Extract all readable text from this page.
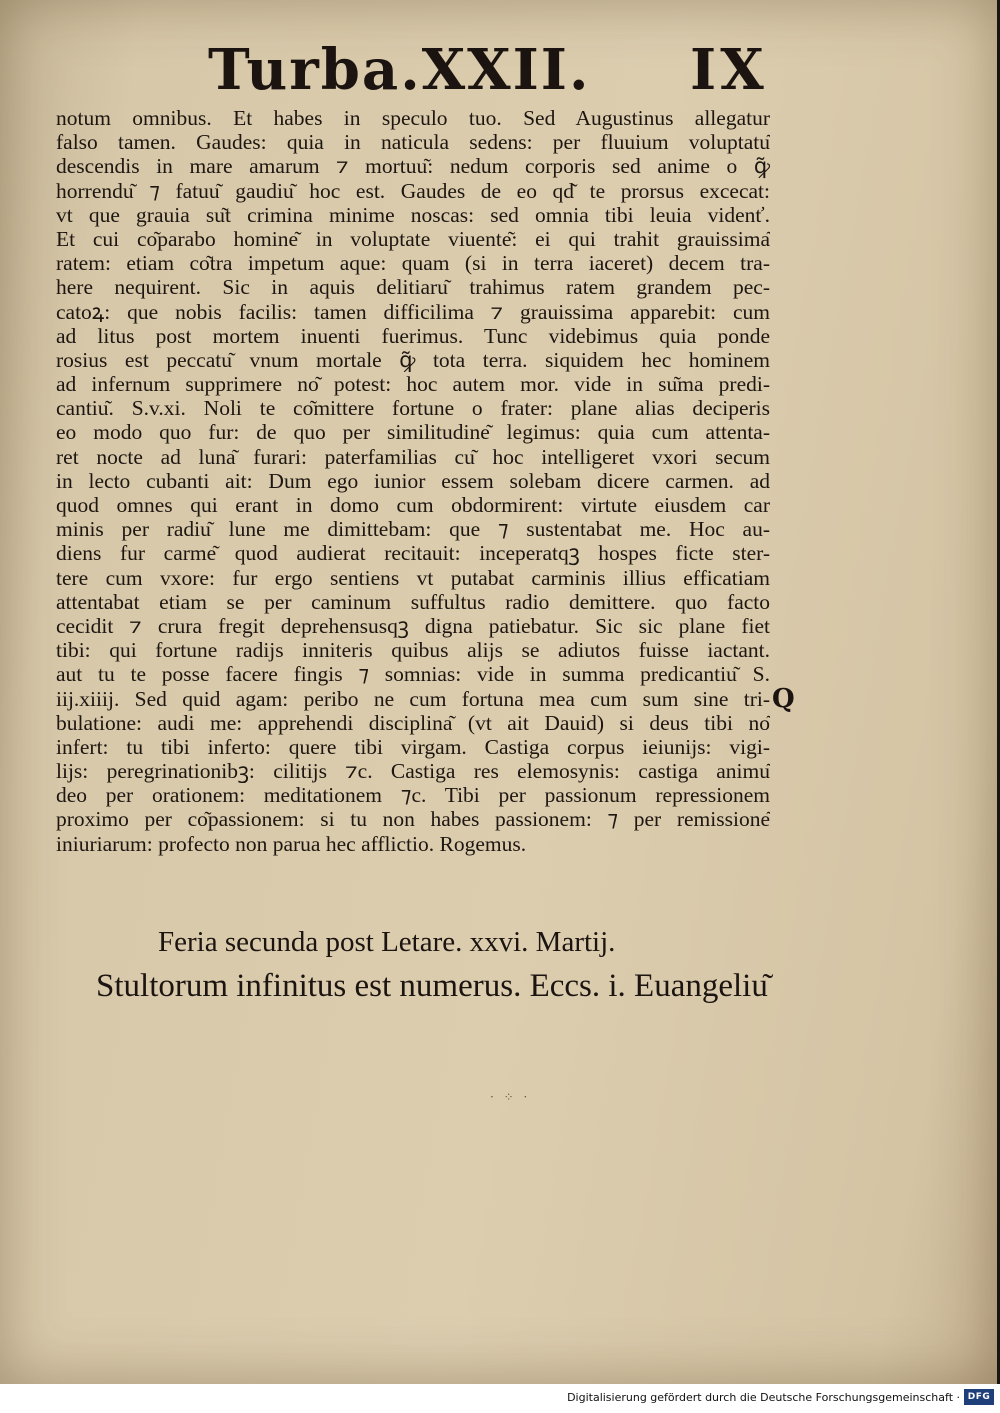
Turba.XXII. IX
notum omnibus. Et habes in speculo tuo. Sed Augustinus allegatur
falso tamen. Gaudes: quia in naticula sedens: per fluuium voluptatu͂
descendis in mare amarum ⁊ mortuu͂: nedum corporis sed anime o ꝙ͂
horrendu͂ ⁊ fatuu͂ gaudiu͂ hoc est. Gaudes de eo qd͂ te prorsus excecat:
vt que grauia su͂t crimina minime noscas: sed omnia tibi leuia videnť.
Et cui co͂parabo homine͂ in voluptate viuente͂: ei qui trahit grauissima͂
ratem: etiam co͂tra impetum aque: quam (si in terra iaceret) decem tra-
here nequirent. Sic in aquis delitiaru͂ trahimus ratem grandem pec-
catoꝝ: que nobis facilis: tamen difficilima ⁊ grauissima apparebit: cum
ad litus post mortem inuenti fuerimus. Tunc videbimus quia ponde
rosius est peccatu͂ vnum mortale ꝙ͂ tota terra. siquidem hec hominem
ad infernum supprimere no͂ potest: hoc autem mor. vide in su͂ma predi-
cantiu͂. S.v.xi. Noli te co͂mittere fortune o frater: plane alias deciperis
eo modo quo fur: de quo per similitudine͂ legimus: quia cum attenta-
ret nocte ad luna͂ furari: paterfamilias cu͂ hoc intelligeret vxori secum
in lecto cubanti ait: Dum ego iunior essem solebam dicere carmen. ad
quod omnes qui erant in domo cum obdormirent: virtute eiusdem car
minis per radiu͂ lune me dimittebam: que ⁊ sustentabat me. Hoc au-
diens fur carme͂ quod audierat recitauit: inceperatqꝫ hospes ficte ster-
tere cum vxore: fur ergo sentiens vt putabat carminis illius efficatiam
attentabat etiam se per caminum suffultus radio demittere. quo facto
cecidit ⁊ crura fregit deprehensusqꝫ digna patiebatur. Sic sic plane fiet
tibi: qui fortune radijs inniteris quibus alijs se adiutos fuisse iactant.
aut tu te posse facere fingis ⁊ somnias: vide in summa predicantiu͂ S.
iij.xiiij. Sed quid agam: peribo ne cum fortuna mea cum sum sine tri-
bulatione: audi me: apprehendi disciplina͂ (vt ait Dauid) si deus tibi no͂
infert: tu tibi inferto: quere tibi virgam. Castiga corpus ieiunijs: vigi-
lijs: peregrinationibꝫ: cilitijs ⁊c. Castiga res elemosynis: castiga animu͂
deo per orationem: meditationem ⁊c. Tibi per passionum repressionem
proximo per co͂passionem: si tu non habes passionem: ⁊ per remissione͂
iniuriarum: profecto non parua hec afflictio. Rogemus.
Q
Feria secunda post Letare. xxvi. Martij.
Stultorum infinitus est numerus. Eccs. i. Euangeliu͂
· ⁘ ·
Digitalisierung gefördert durch die Deutsche Forschungsgemeinschaft · DFG
